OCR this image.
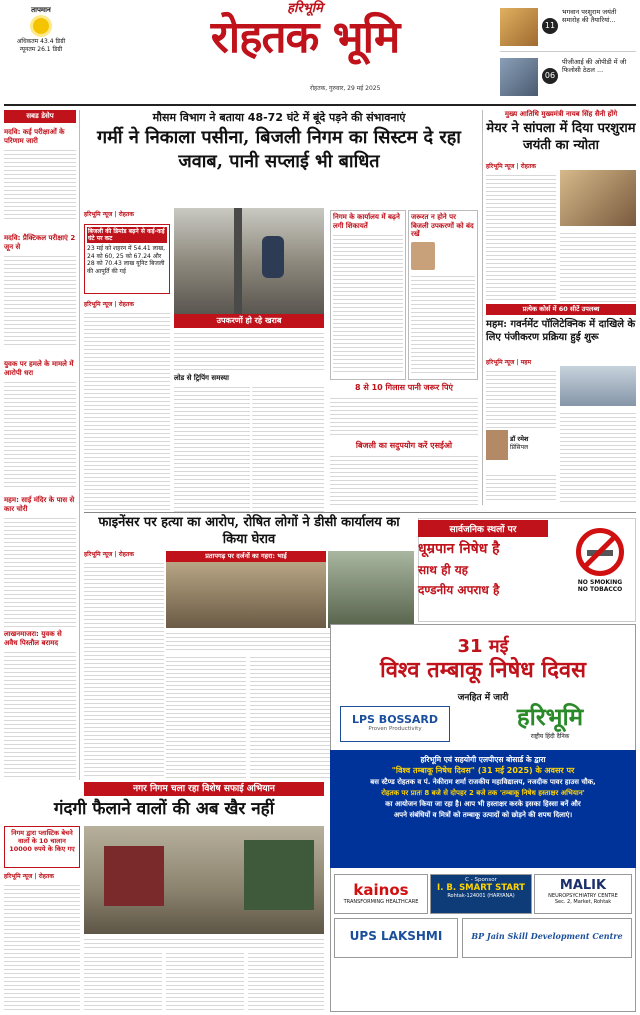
तापमान
अधिकतम 43.4 डिग्री
न्यूनतम 26.1 डिग्री
हरिभूमि
रोहतक भूमि
रोहतक, गुरुवार, 29 मई 2025
11
भगवान परशुराम जयंती समारोह की तैयारियां...
06
पीजीआई की ओपीडी में जी फिलोसी ठेठल ...
सबड डेसेप
मदवि: कई परीक्षाओं के परिणाम जारी
मदवि: प्रैक्टिकल परीक्षाएं 2 जून से
युवक पर हमले के मामले में आरोपी धरा
महम: साई मंदिर के पास से कार चोरी
लाखनमाजरा: युवक से अवैध पिस्तौल बरामद
मौसम विभाग ने बताया 48-72 घंटे में बूंदे पड़ने की संभावनाएं
गर्मी ने निकाला पसीना, बिजली निगम का सिस्टम दे रहा जवाब, पानी सप्लाई भी बाधित
हरिभूमि न्यूज | रोहतक
बिजली की डिमांड बढ़ने से कई-कई घंटे पर कट
23 मई को शहरन में 54.41 लाख, 24 को 60, 25 को 67.24 और 28 को 70.43 लाख यूनिट बिजली की आपूर्ति की गई
हरिभूमि न्यूज | रोहतक
उपकरणों हो रहे खराब
लोड से ट्रिपिंग समस्या
निगम के कार्यालय में बढ़ने लगी शिकायतें
जरूरत न होने पर बिजली उपकरणों को बंद रखें
8 से 10 गिलास पानी जरूर पिएं
बिजली का सदुपयोग करें एसईओ
मुख्य आतिथि मुख्यमंत्री नायब सिंह सैनी होंगे
मेयर ने सांपला में दिया परशुराम जयंती का न्योता
हरिभूमि न्यूज | रोहतक
प्रत्येक कोर्स में 60 सीटें उपलब्ध
महम: गवर्नमेंट पॉलिटेक्निक में दाखिले के लिए पंजीकरण प्रक्रिया हुई शुरू
हरिभूमि न्यूज | महम
डॉ रमेश
प्रिंसिपल
फाइनेंसर पर हत्या का आरोप, रोषित लोगों ने डीसी कार्यालय का किया घेराव
हरिभूमि न्यूज | रोहतक	प्रतापगढ़ पर दर्जनों का गहरा: भाई
सार्वजनिक स्थलों पर
धूम्रपान निषेध है
साथ ही यह
दण्डनीय अपराध है
NO SMOKING
NO TOBACCO
नगर निगम चला रहा विशेष सफाई अभियान
गंदगी फैलाने वालों की अब खैर नहीं
निगम द्वारा प्लास्टिक बेचने वालों के 10 चालान 10000 रुपये के किए गए
हरिभूमि न्यूज | रोहतक
31 मई
विश्व तम्बाकू निषेध दिवस
जनहित में जारी
LPS BOSSARD
Proven Productivity	हरिभूमि
राष्ट्रीय हिंदी दैनिक
हरिभूमि एवं सहयोगी एलपीएस बोसार्ड के द्वारा
"विश्व तम्बाकू निषेध दिवस" (31 मई 2025) के अवसर पर
बस स्टैण्ड रोहतक व पं. नेकीराम शर्मा राजकीय महाविद्यालय, नजदीक पावर हाउस चौक,
रोहतक पर प्रातः 8 बजे से दोपहर 2 बजे तक 'तम्बाकू निषेध हस्ताक्षर अभियान'
का आयोजन किया जा रहा है। आप भी हस्ताक्षर करके इसका हिस्सा बनें और
अपने संबंधियों व मित्रों को तम्बाकू उत्पादों को छोड़ने की शपथ दिलाएं।
kainos
TRANSFORMING HEALTHCARE
C - Sponsor
I. B. SMART START
Rohtak-124001 (HARYANA)
MALIK
NEUROPSYCHIATRY CENTRE
Sec. 2, Market, Rohtak
UPS LAKSHMI	BP Jain Skill Development Centre
